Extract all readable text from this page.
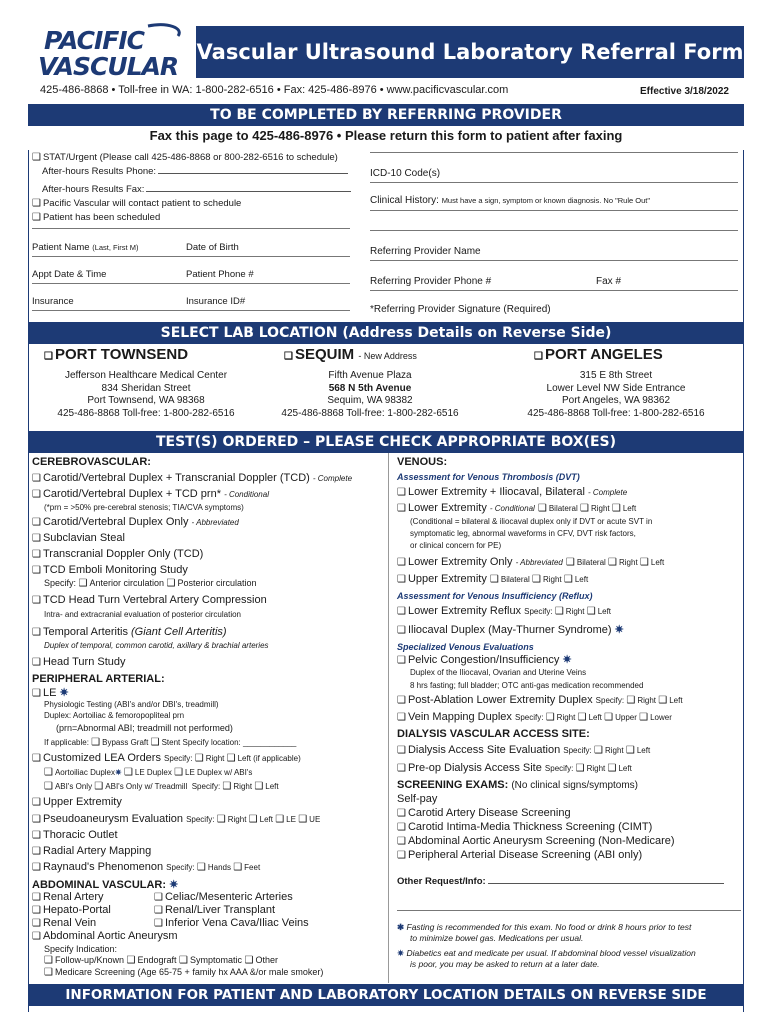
PACIFIC
VASCULAR Vascular Ultrasound Laboratory Referral Form
425-486-8868 • Toll-free in WA: 1-800-282-6516 • Fax: 425-486-8976 • www.pacificvascular.com	Effective 3/18/2022
TO BE COMPLETED BY REFERRING PROVIDER
Fax this page to 425-486-8976 • Please return this form to patient after faxing
❑ STAT/Urgent (Please call 425-486-8868 or 800-282-6516 to schedule)
After-hours Results Phone:
After-hours Results Fax:
❑ Pacific Vascular will contact patient to schedule
❑ Patient has been scheduled
Patient Name (Last, First M)	Date of Birth
Appt Date & Time	Patient Phone #
Insurance	Insurance ID#
ICD-10 Code(s)
Clinical History: Must have a sign, symptom or known diagnosis. No "Rule Out"
Referring Provider Name
Referring Provider Phone #	Fax #
*Referring Provider Signature (Required)
SELECT LAB LOCATION (Address Details on Reverse Side)
❑ PORT TOWNSEND	❑ SEQUIM - New Address	❑ PORT ANGELES
Jefferson Healthcare Medical Center
834 Sheridan Street
Port Townsend, WA 98368
425-486-8868 Toll-free: 1-800-282-6516
Fifth Avenue Plaza
568 N 5th Avenue
Sequim, WA 98382
425-486-8868 Toll-free: 1-800-282-6516
315 E 8th Street
Lower Level NW Side Entrance
Port Angeles, WA 98362
425-486-8868 Toll-free: 1-800-282-6516
TEST(S) ORDERED – PLEASE CHECK APPROPRIATE BOX(ES)
CEREBROVASCULAR:
❑ Carotid/Vertebral Duplex + Transcranial Doppler (TCD) - Complete
❑ Carotid/Vertebral Duplex + TCD prn* - Conditional
(*prn = >50% pre-cerebral stenosis; TIA/CVA symptoms)
❑ Carotid/Vertebral Duplex Only - Abbreviated
❑ Subclavian Steal
❑ Transcranial Doppler Only (TCD)
❑ TCD Emboli Monitoring Study
Specify: ❑ Anterior circulation ❑ Posterior circulation
❑ TCD Head Turn Vertebral Artery Compression
Intra- and extracranial evaluation of posterior circulation
❑ Temporal Arteritis (Giant Cell Arteritis)
Duplex of temporal, common carotid, axillary & brachial arteries
❑ Head Turn Study
PERIPHERAL ARTERIAL:
❑ LE ✷
Physiologic Testing (ABI's and/or DBI's, treadmill)
Duplex: Aortoiliac & femoropopliteal prn
(prn=Abnormal ABI; treadmill not performed)
If applicable: ❑ Bypass Graft ❑ Stent Specify location: ____________
❑ Customized LEA Orders Specify: ❑ Right ❑ Left (if applicable)
❑ Aortoiliac Duplex✷ ❑ LE Duplex ❑ LE Duplex w/ ABI's
❑ ABI's Only ❑ ABI's Only w/ Treadmill Specify: ❑ Right ❑ Left
❑ Upper Extremity
❑ Pseudoaneurysm Evaluation Specify: ❑ Right ❑ Left ❑ LE ❑ UE
❑ Thoracic Outlet
❑ Radial Artery Mapping
❑ Raynaud's Phenomenon Specify: ❑ Hands ❑ Feet
ABDOMINAL VASCULAR: ✷
❑ Renal Artery	❑ Celiac/Mesenteric Arteries
❑ Hepato-Portal	❑ Renal/Liver Transplant
❑ Renal Vein	❑ Inferior Vena Cava/Iliac Veins
❑ Abdominal Aortic Aneurysm
Specify Indication:
❑ Follow-up/Known ❑ Endograft ❑ Symptomatic ❑ Other
❑ Medicare Screening (Age 65-75 + family hx AAA &/or male smoker)
VENOUS:
Assessment for Venous Thrombosis (DVT)
❑ Lower Extremity + Iliocaval, Bilateral - Complete
❑ Lower Extremity - Conditional ❑ Bilateral ❑ Right ❑ Left
(Conditional = bilateral & iliocaval duplex only if DVT or acute SVT in
symptomatic leg, abnormal waveforms in CFV, DVT risk factors,
or clinical concern for PE)
❑ Lower Extremity Only - Abbreviated ❑ Bilateral ❑ Right ❑ Left
❑ Upper Extremity ❑ Bilateral ❑ Right ❑ Left
Assessment for Venous Insufficiency (Reflux)
❑ Lower Extremity Reflux Specify: ❑ Right ❑ Left
❑ Iliocaval Duplex (May-Thurner Syndrome) ✷
Specialized Venous Evaluations
❑ Pelvic Congestion/Insufficiency ✷
Duplex of the Iliocaval, Ovarian and Uterine Veins
8 hrs fasting; full bladder; OTC anti-gas medication recommended
❑ Post-Ablation Lower Extremity Duplex Specify: ❑ Right ❑ Left
❑ Vein Mapping Duplex Specify: ❑ Right ❑ Left ❑ Upper ❑ Lower
DIALYSIS VASCULAR ACCESS SITE:
❑ Dialysis Access Site Evaluation Specify: ❑ Right ❑ Left
❑ Pre-op Dialysis Access Site Specify: ❑ Right ❑ Left
SCREENING EXAMS: (No clinical signs/symptoms)
Self-pay
❑ Carotid Artery Disease Screening
❑ Carotid Intima-Media Thickness Screening (CIMT)
❑ Abdominal Aortic Aneurysm Screening (Non-Medicare)
❑ Peripheral Arterial Disease Screening (ABI only)
Other Request/Info:
✱ Fasting is recommended for this exam. No food or drink 8 hours prior to test
to minimize bowel gas. Medications per usual.
✷ Diabetics eat and medicate per usual. If abdominal blood vessel visualization
is poor, you may be asked to return at a later date.
INFORMATION FOR PATIENT AND LABORATORY LOCATION DETAILS ON REVERSE SIDE
